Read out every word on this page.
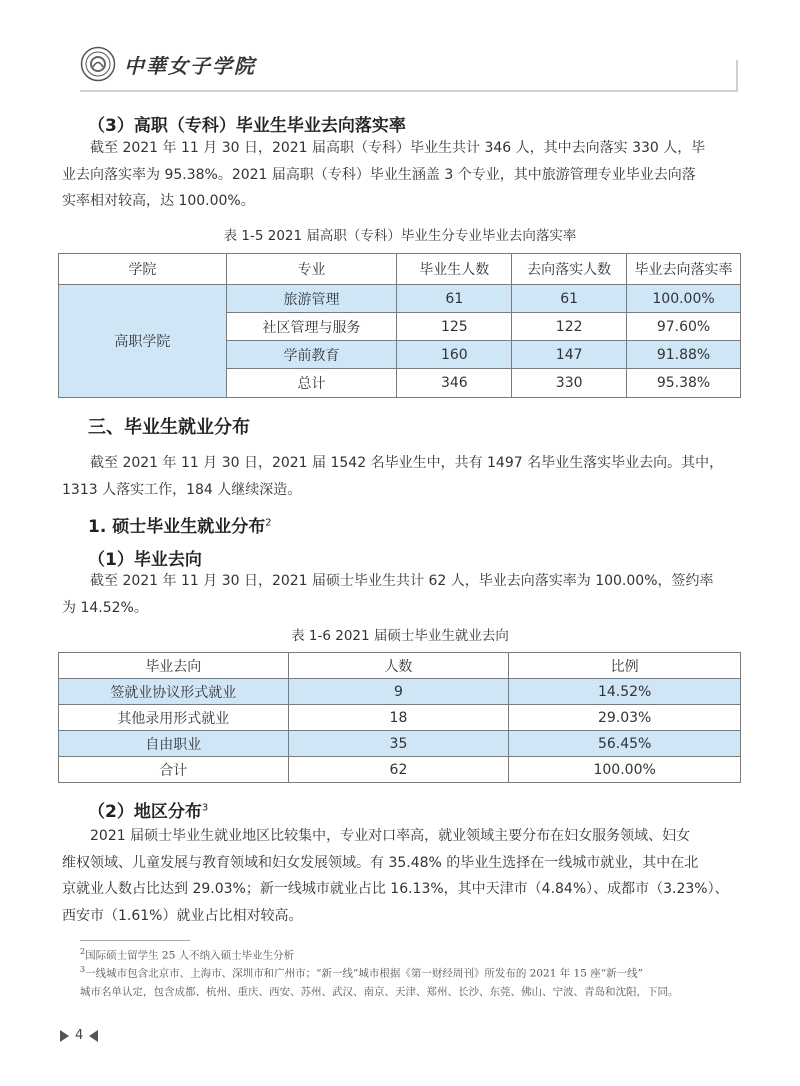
中華女子学院
（3）高职（专科）毕业生毕业去向落实率

截至 2021 年 11 月 30 日，2021 届高职（专科）毕业生共计 346 人，其中去向落实 330 人，毕

业去向落实率为 95.38%。2021 届高职（专科）毕业生涵盖 3 个专业，其中旅游管理专业毕业去向落

实率相对较高，达 100.00%。

表 1-5 2021 届高职（专科）毕业生分专业毕业去向落实率
学院	专业	毕业生人数	去向落实人数	毕业去向落实率
高职学院	旅游管理	61	61	100.00%
	社区管理与服务	125	122	97.60%
	学前教育	160	147	91.88%
	总计	346	330	95.38%
三、毕业生就业分布

截至 2021 年 11 月 30 日，2021 届 1542 名毕业生中，共有 1497 名毕业生落实毕业去向。其中，

1313 人落实工作，184 人继续深造。

1. 硕士毕业生就业分布$^2$
（1）毕业去向

截至 2021 年 11 月 30 日，2021 届硕士毕业生共计 62 人，毕业去向落实率为 100.00%，签约率

为 14.52%。

表 1-6 2021 届硕士毕业生就业去向
毕业去向	人数	比例
签就业协议形式就业	9	14.52%
其他录用形式就业	18	29.03%
自由职业	35	56.45%
合计	62	100.00%
（2）地区分布$^3$

2021 届硕士毕业生就业地区比较集中，专业对口率高，就业领域主要分布在妇女服务领域、妇女

维权领域、儿童发展与教育领域和妇女发展领域。有 35.48% 的毕业生选择在一线城市就业，其中在北

京就业人数占比达到 29.03%；新一线城市就业占比 16.13%，其中天津市（4.84%）、成都市（3.23%）、

西安市（1.61%）就业占比相对较高。

$^2$国际硕士留学生 25 人不纳入硕士毕业生分析
$^3$一线城市包含北京市、上海市、深圳市和广州市；“新一线”城市根据《第一财经周刊》所发布的 2021 年 15 座“新一线”
城市名单认定，包含成都、杭州、重庆、西安、苏州、武汉、南京、天津、郑州、长沙、东莞、佛山、宁波、青岛和沈阳，下同。
4
